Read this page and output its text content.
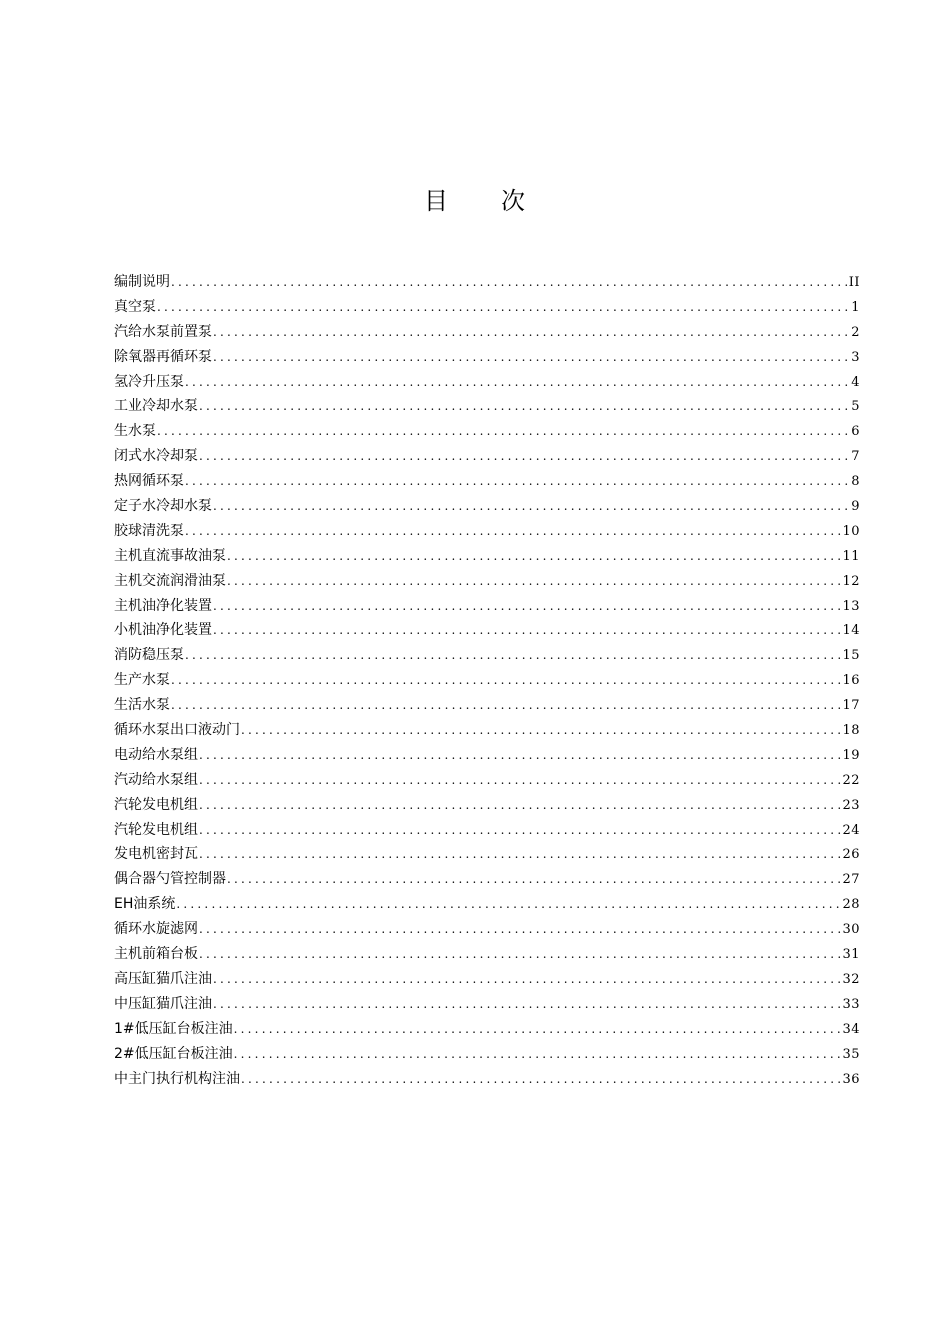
目 次
编制说明 .....	II
真空泵 .....	1
汽给水泵前置泵 .....	2
除氧器再循环泵 .....	3
氢冷升压泵 .....	4
工业冷却水泵 .....	5
生水泵 .....	6
闭式水冷却泵 .....	7
热网循环泵 .....	8
定子水冷却水泵 .....	9
胶球清洗泵 .....	10
主机直流事故油泵 .....	11
主机交流润滑油泵 .....	12
主机油净化装置 .....	13
小机油净化装置 .....	14
消防稳压泵 .....	15
生产水泵 .....	16
生活水泵 .....	17
循环水泵出口液动门 .....	18
电动给水泵组 .....	19
汽动给水泵组 .....	22
汽轮发电机组 .....	23
汽轮发电机组 .....	24
发电机密封瓦 .....	26
偶合器勺管控制器 .....	27
EH油系统 .....	28
循环水旋滤网 .....	30
主机前箱台板 .....	31
高压缸猫爪注油 .....	32
中压缸猫爪注油 .....	33
1#低压缸台板注油 .....	34
2#低压缸台板注油 .....	35
中主门执行机构注油 .....	36
